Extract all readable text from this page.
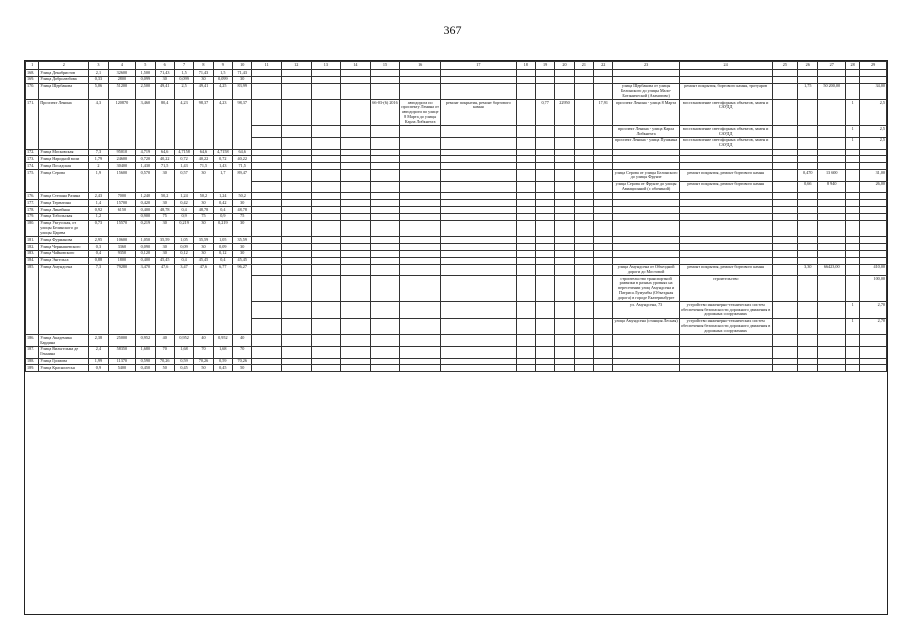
367
1	2	3	4	5	6	7	8	9	10	11	12	13	14	15	16	17	18	19	20	21	22	23	24	25	26	27	28	29
168.	Улица Декабристов	2,1	32600	1,500	71,43	1,5	71,43	1,5	71,43																			
169.	Улица Добролюбова	0,33	2800	0,099	30	0,099	30	0,099	30																			
170.	Улица Щербакова	5,06	51200	2,500	49,41	2,5	49,41	4,25	83,99													улица Щербакова от улицы Белинского до улицы Мало-Ботанической (Азаматово)	ремонт покрытия, бортового камня, тротуаров		1,75	50 200,00		34,00
171.	Проспект Ленина	4,3	120870	3,460	80,4	4,23	98,37	4,23	98,37					66-03-(6) 2016	автодорога по проспекту Ленина от автодороги по улице 8 Марта до улицы Карла Либкнехта	ремонт покрытия, ремонт бортового камня		0,77	22950		17,91	проспект Ленина - улица 8 Марта	восстановление светофорных объектов, замен и САУДД				1	2,5
																						проспект Ленина - улица Карла Либкнехта	восстановление светофорных объектов, замен и САУДД				1	2,5
																						проспект Ленина - улица Пушкина	восстановление светофорных объектов, замен и САУДД				1	2,5
172.	Улица Московская	7,3	95010	4,719	64,6	4,7158	64,6	4,7158	64,6																			
173.	Улица Народной воли	1,79	24600	0,720	40,22	0,72	40,22	0,72	40,22																			
174.	Улица Посадская	2	30400	1,430	71,5	1,43	71,5	1,43	71,5																			
175.	Улица Серова	1,9	15600	0,570	30	0,57	30	1,7	89,47													улица Серова от улицы Белинского до улицы Фрунзе	ремонт покрытия, ремонт бортового камня		0,470	13 600		31,00
																						улица Серова от Фрунзе до улицы Авиационной (с обочиной)	ремонт покрытия, ремонт бортового камня		0,66	8 940		26,00
176.	Улица Степана Разина	2,43	7000	1,240	50,2	1,24	50,2	1,24	50,2																			
177.	Улица Терентина	1,4	15700	0,420	30	0,42	30	0,42	30																			
178.	Улица Линейная	0,92	6150	0,400	48,78	0,4	48,78	0,4	48,78																			
179.	Улица Тобольская	1,2		0,900	75	0,9	75	0,9	75																			
180.	Улица Уктусская, от улицы Белинского до улицы Царева	0,73	15570	0,219	30	0,219	30	0,219	30																			
181.	Улица Фурманова	2,95	10600	1,050	35,59	1,05	35,59	1,05	35,59																			
182.	Улица Чернышевского	0,3	3360	0,090	30	0,09	30	0,09	30																			
183.	Улица Чайковского	0,4	9350	0,120	30	0,12	30	0,12	30																			
184.	Улица Энгельса	0,88	1800	0,400	45,45	0,4	45,45	0,4	45,45																			
185.	Улица Амундсена	7,3	79280	3,470	47,6	3,47	47,6	6,77	96,27													улица Амундсена от Объездной дороги до Мостовой	ремонт покрытия, ремонт бортового камня		3,30	66423,00		410,00
																						строительство транспортной развязки в разных уровнях на пересечении улиц Амундсена и Патриса Лумумбы (Объездная дорога) в городе Екатеринбурге	строительство					100,00
																						ул. Амундсена, 73	устройство инженерно-технических систем обеспечения безопасности дорожного движения в дорожных сооружениях				1	2,70
																						улица Амундсена (станция Лесная)	устройство инженерно-технических систем обеспечения безопасности дорожного движения в дорожных сооружениях				1	2,70
186.	Улица Академика Бардина	2,38	25000	0,952	40	0,952	40	0,952	40																			
187.	Улица Вильгельма де Геннина	2,4	58350	1,680	70	1,68	70	1,68	70																			
188.	Улица Громова	1,99	11370	0,590	70,26	0,59	70,26	0,59	70,26																			
189.	Улица Краснолесья	0,9	5400	0,450	50	0,45	50	0,45	50																			
